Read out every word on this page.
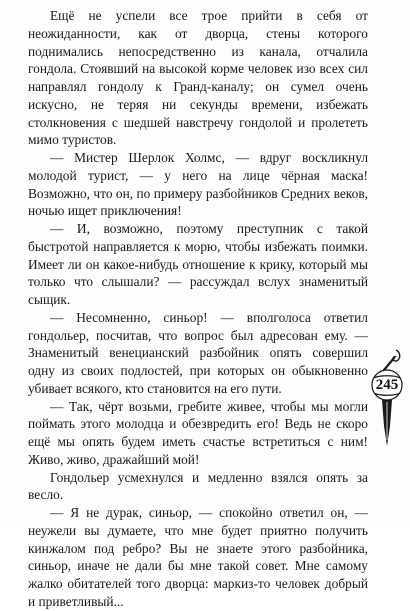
Ещё не успели все трое прийти в себя от неожиданности, как от дворца, стены которого поднимались непосредственно из канала, отчалила гондола. Стоявший на высокой корме человек изо всех сил направлял гондолу к Гранд-каналу; он сумел очень искусно, не теряя ни секунды времени, избежать столкновения с шедшей навстречу гондолой и пролететь мимо туристов.

— Мистер Шерлок Холмс, — вдруг воскликнул молодой турист, — у него на лице чёрная маска! Возможно, что он, по примеру разбойников Средних веков, ночью ищет приключения!

— И, возможно, поэтому преступник с такой быстротой направляется к морю, чтобы избежать поимки. Имеет ли он какое-нибудь отношение к крику, который мы только что слышали? — рассуждал вслух знаменитый сыщик.

— Несомненно, синьор! — вполголоса ответил гондольер, посчитав, что вопрос был адресован ему. — Знаменитый венецианский разбойник опять совершил одну из своих подлостей, при которых он обыкновенно убивает всякого, кто становится на его пути.

— Так, чёрт возьми, гребите живее, чтобы мы могли поймать этого молодца и обезвредить его! Ведь не скоро ещё мы опять будем иметь счастье встретиться с ним! Живо, живо, дражайший мой!

Гондольер усмехнулся и медленно взялся опять за весло.

— Я не дурак, синьор, — спокойно ответил он, — неужели вы думаете, что мне будет приятно получить кинжалом под ребро? Вы не знаете этого разбойника, синьор, иначе не дали бы мне такой совет. Мне самому жалко обитателей того дворца: маркиз-то человек добрый и приветливый...

245
